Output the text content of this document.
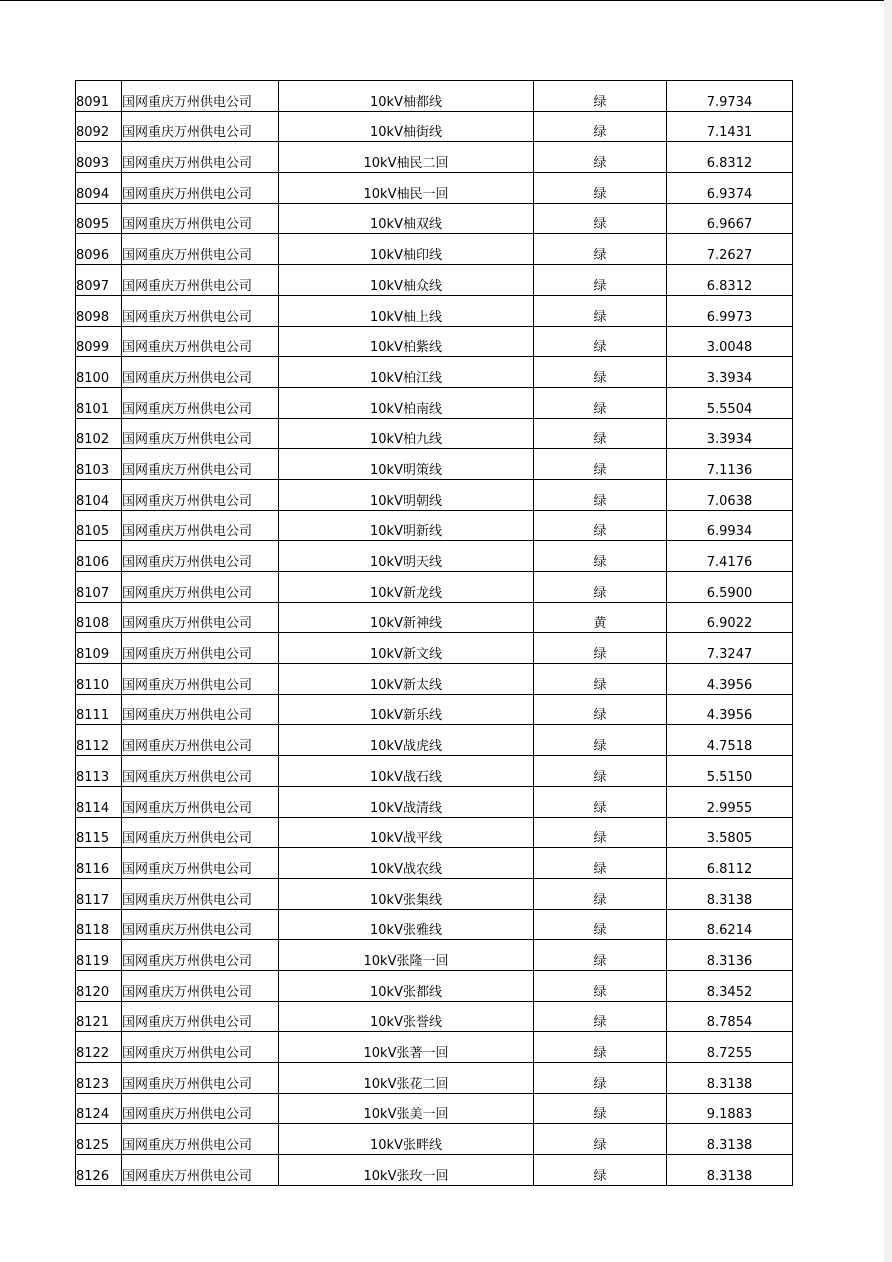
8091	国网重庆万州供电公司	10kV柚都线	绿	7.9734
8092	国网重庆万州供电公司	10kV柚街线	绿	7.1431
8093	国网重庆万州供电公司	10kV柚民二回	绿	6.8312
8094	国网重庆万州供电公司	10kV柚民一回	绿	6.9374
8095	国网重庆万州供电公司	10kV柚双线	绿	6.9667
8096	国网重庆万州供电公司	10kV柚印线	绿	7.2627
8097	国网重庆万州供电公司	10kV柚众线	绿	6.8312
8098	国网重庆万州供电公司	10kV柚上线	绿	6.9973
8099	国网重庆万州供电公司	10kV柏紫线	绿	3.0048
8100	国网重庆万州供电公司	10kV柏江线	绿	3.3934
8101	国网重庆万州供电公司	10kV柏南线	绿	5.5504
8102	国网重庆万州供电公司	10kV柏九线	绿	3.3934
8103	国网重庆万州供电公司	10kV明策线	绿	7.1136
8104	国网重庆万州供电公司	10kV明朝线	绿	7.0638
8105	国网重庆万州供电公司	10kV明新线	绿	6.9934
8106	国网重庆万州供电公司	10kV明天线	绿	7.4176
8107	国网重庆万州供电公司	10kV新龙线	绿	6.5900
8108	国网重庆万州供电公司	10kV新神线	黄	6.9022
8109	国网重庆万州供电公司	10kV新文线	绿	7.3247
8110	国网重庆万州供电公司	10kV新太线	绿	4.3956
8111	国网重庆万州供电公司	10kV新乐线	绿	4.3956
8112	国网重庆万州供电公司	10kV战虎线	绿	4.7518
8113	国网重庆万州供电公司	10kV战石线	绿	5.5150
8114	国网重庆万州供电公司	10kV战清线	绿	2.9955
8115	国网重庆万州供电公司	10kV战平线	绿	3.5805
8116	国网重庆万州供电公司	10kV战农线	绿	6.8112
8117	国网重庆万州供电公司	10kV张集线	绿	8.3138
8118	国网重庆万州供电公司	10kV张雅线	绿	8.6214
8119	国网重庆万州供电公司	10kV张隆一回	绿	8.3136
8120	国网重庆万州供电公司	10kV张都线	绿	8.3452
8121	国网重庆万州供电公司	10kV张誉线	绿	8.7854
8122	国网重庆万州供电公司	10kV张著一回	绿	8.7255
8123	国网重庆万州供电公司	10kV张花二回	绿	8.3138
8124	国网重庆万州供电公司	10kV张美一回	绿	9.1883
8125	国网重庆万州供电公司	10kV张畔线	绿	8.3138
8126	国网重庆万州供电公司	10kV张玫一回	绿	8.3138
